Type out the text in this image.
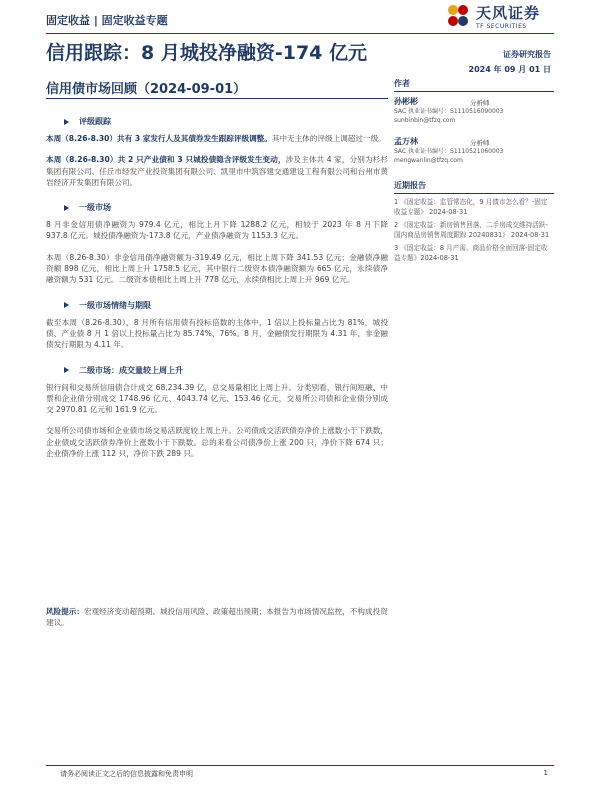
固定收益 | 固定收益专题	天风证券
TF SECURITIES
信用跟踪：8 月城投净融资-174 亿元	证券研究报告
2024 年 09 月 01 日
信用债市场回顾（2024-09-01）	作者
孙彬彬	分析师
SAC 执业证书编号：S1110516090003
sunbinbin@tfzq.com
孟万林	分析师
SAC 执业证书编号：S1110521060003
mengwanlin@tfzq.com
近期报告
1 《固定收益：监管常态化，9 月债市怎么看？-固定收益专题》 2024-08-31
2 《固定收益：新房销售回落，二手房成交维持活跃-国内商品房销售周度跟踪 20240831》 2024-08-31
3 《固定收益：8 月产需、商品价格全面回落-固定收益专题》2024-08-31
评级跟踪
本周（8.26-8.30）共有 3 家发行人及其债券发生跟踪评级调整。其中无主体的评级上调超过一级。
本周（8.26-8.30）共 2 只产业债和 3 只城投债隐含评级发生变动，涉及主体共 4 家，分别为杉杉集团有限公司、任丘市经发产业投资集团有限公司、凯里市中筑容建交通建设工程有限公司和台州市黄岩经济开发集团有限公司。
一级市场
8 月非金信用债净融资为 979.4 亿元，相比上月下降 1288.2 亿元，相较于 2023 年 8 月下降 937.8 亿元。城投债净融资为-173.8 亿元，产业债净融资为 1153.3 亿元。
本周（8.26-8.30）非金信用债净融资额为-319.49 亿元，相比上周下降 341.53 亿元；金融债净融资额 898 亿元，相比上周上升 1758.5 亿元，其中银行二级资本债净融资额为 665 亿元，永续债净融资额为 531 亿元。二级资本债相比上周上升 778 亿元，永续债相比上周上升 969 亿元。
一级市场情绪与期限
截至本周（8.26-8.30），8 月所有信用债有投标倍数的主体中，1 倍以上投标量占比为 81%，城投债、产业债 8 月 1 倍以上投标量占比为 85.74%、76%。8 月，金融债发行期限为 4.31 年，非金融债发行期限为 4.11 年。
二级市场：成交量较上周上升
银行间和交易所信用债合计成交 68,234.39 亿，总交易量相比上周上升。分类别看，银行间短融、中票和企业债分别成交 1748.96 亿元、4043.74 亿元、153.46 亿元，交易所公司债和企业债分别成交 2970.81 亿元和 161.9 亿元。
交易所公司债市场和企业债市场交易活跃度较上周上升。公司债成交活跃债券净价上涨数小于下跌数，企业债成交活跃债券净价上涨数小于下跌数。总的来看公司债净价上涨 200 只，净价下降 674 只；企业债净价上涨 112 只，净价下跌 289 只。
风险提示：宏观经济变动超预期、城投信用风险、政策超出预期；本报告为市场情况监控，不构成投资建议。
请务必阅读正文之后的信息披露和免责申明	1
